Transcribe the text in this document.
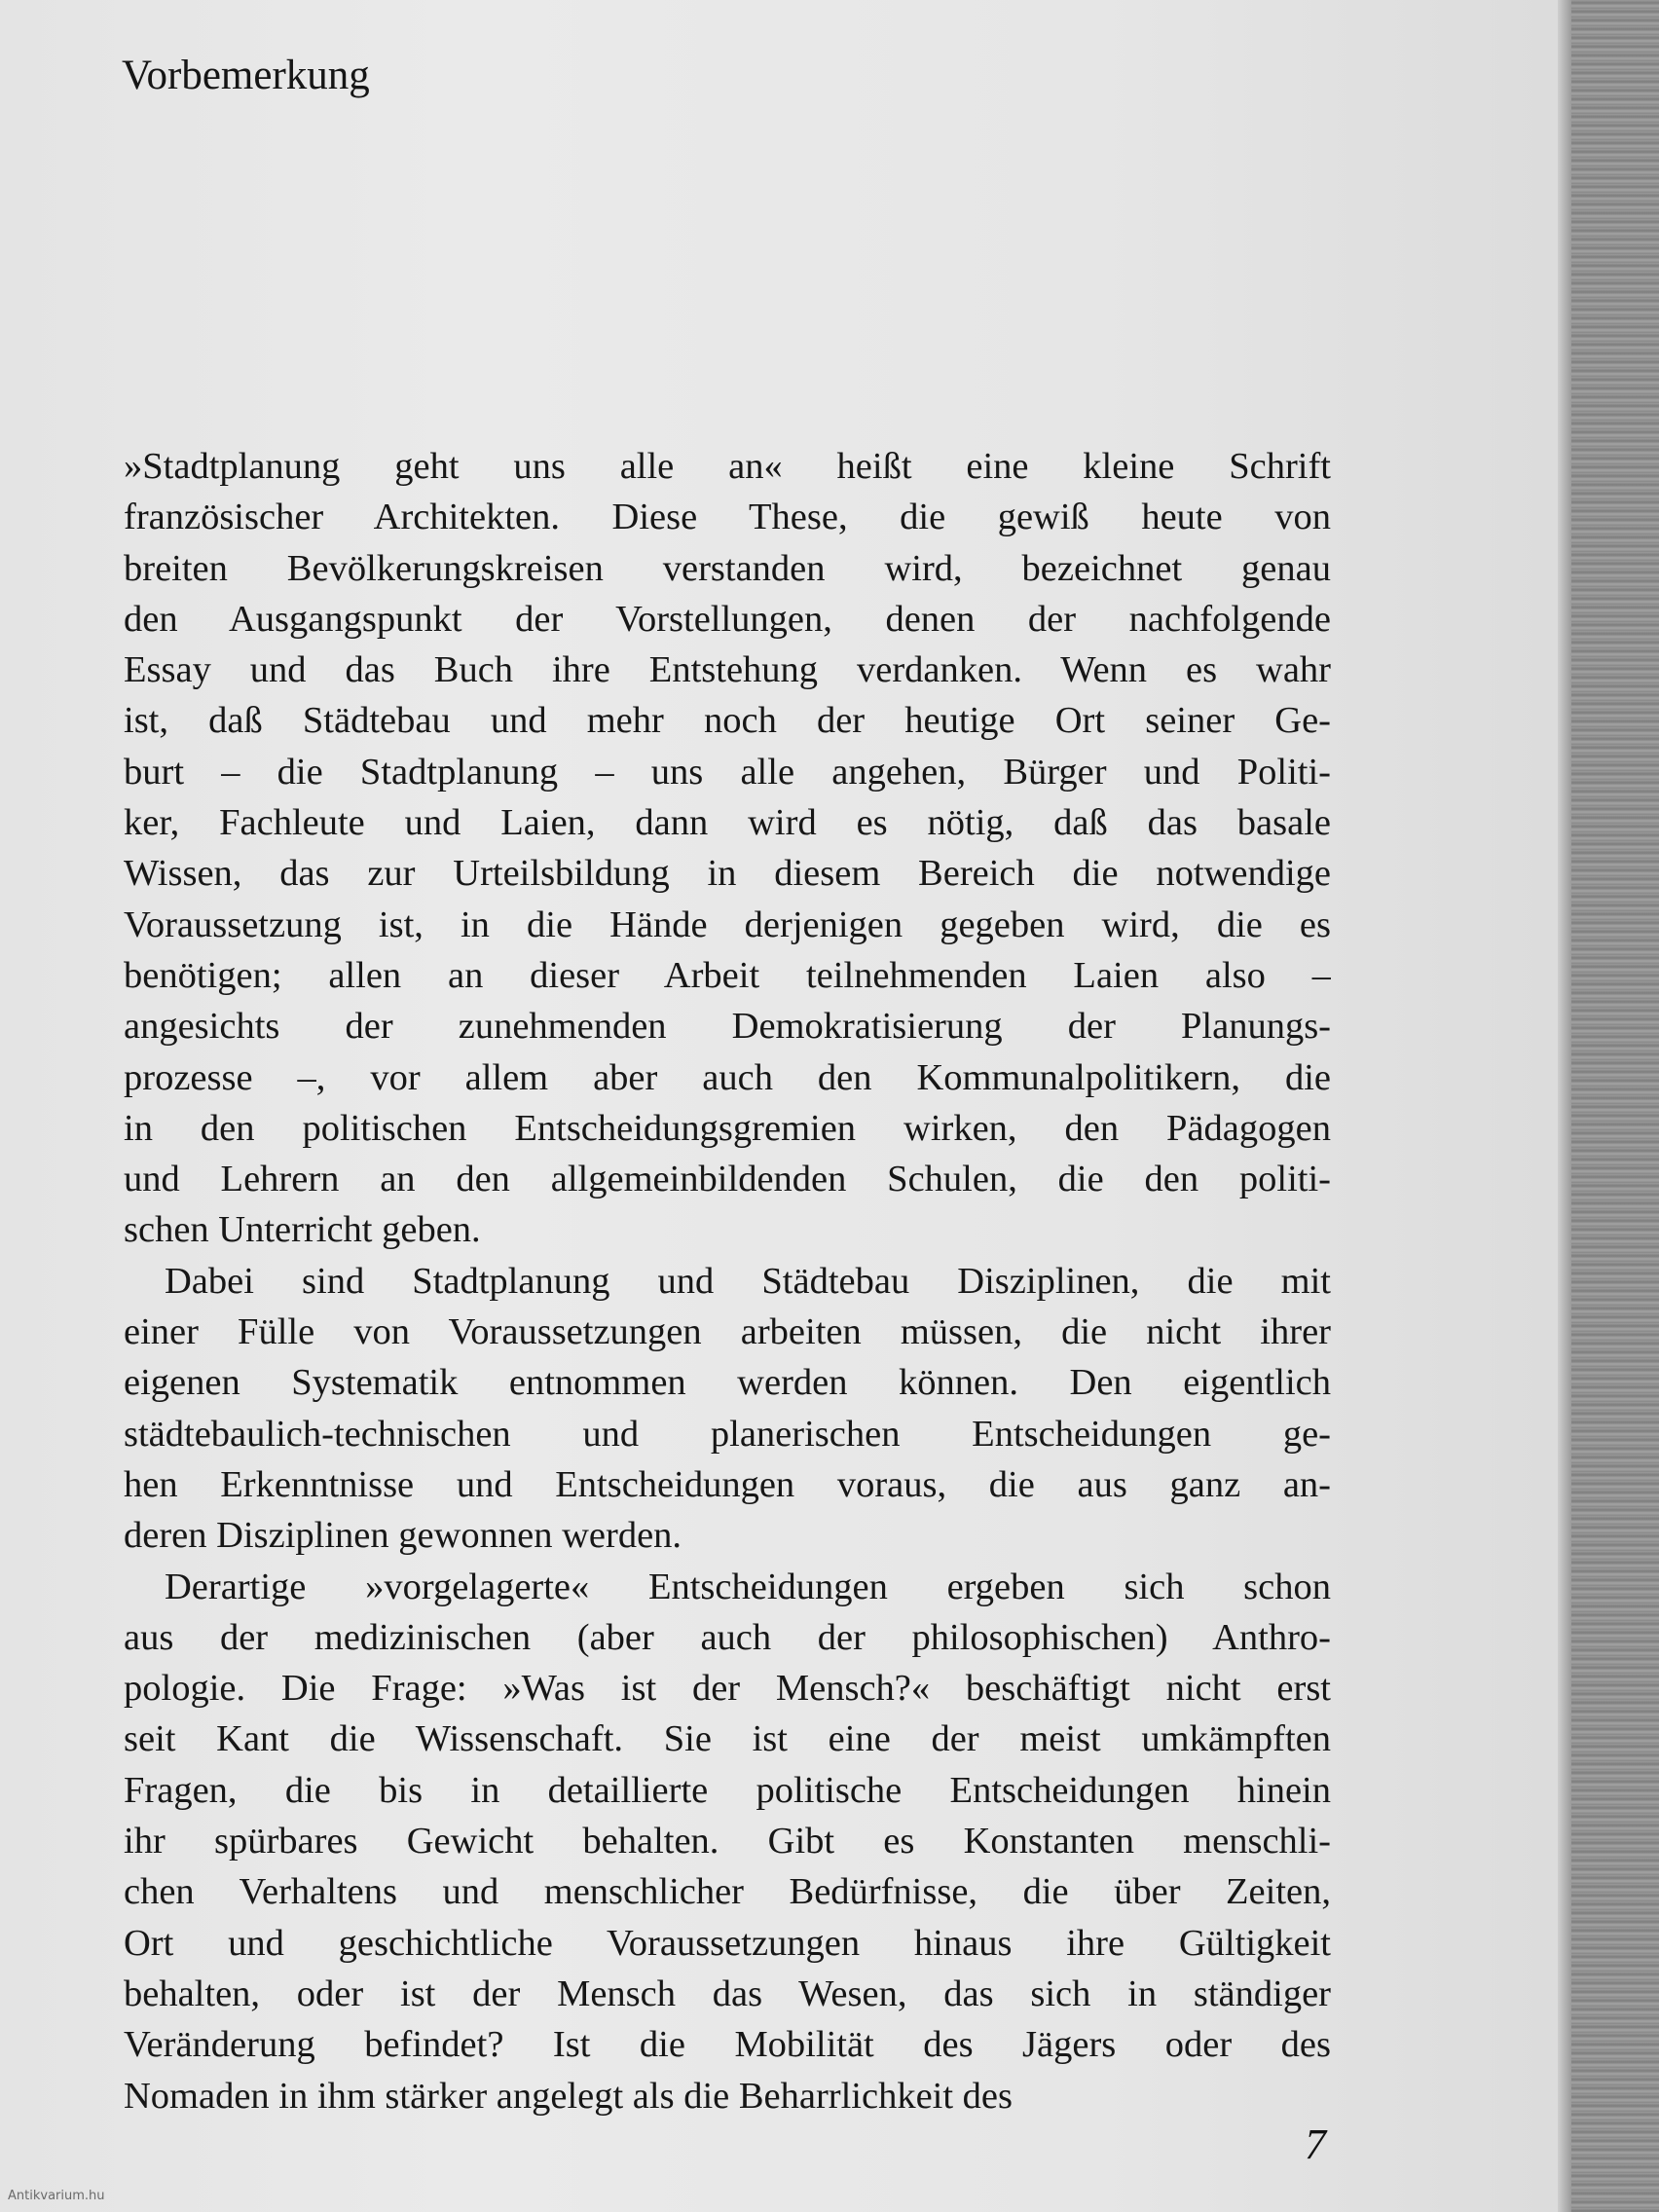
Vorbemerkung
»Stadtplanung geht uns alle an« heißt eine kleine Schrift
französischer Architekten. Diese These, die gewiß heute von
breiten Bevölkerungskreisen verstanden wird, bezeichnet genau
den Ausgangspunkt der Vorstellungen, denen der nachfolgende
Essay und das Buch ihre Entstehung verdanken. Wenn es wahr
ist, daß Städtebau und mehr noch der heutige Ort seiner Ge-
burt – die Stadtplanung – uns alle angehen, Bürger und Politi-
ker, Fachleute und Laien, dann wird es nötig, daß das basale
Wissen, das zur Urteilsbildung in diesem Bereich die notwendige
Voraussetzung ist, in die Hände derjenigen gegeben wird, die es
benötigen; allen an dieser Arbeit teilnehmenden Laien also –
angesichts der zunehmenden Demokratisierung der Planungs-
prozesse –, vor allem aber auch den Kommunalpolitikern, die
in den politischen Entscheidungsgremien wirken, den Pädagogen
und Lehrern an den allgemeinbildenden Schulen, die den politi-
schen Unterricht geben.
Dabei sind Stadtplanung und Städtebau Disziplinen, die mit
einer Fülle von Voraussetzungen arbeiten müssen, die nicht ihrer
eigenen Systematik entnommen werden können. Den eigentlich
städtebaulich-technischen und planerischen Entscheidungen ge-
hen Erkenntnisse und Entscheidungen voraus, die aus ganz an-
deren Disziplinen gewonnen werden.
Derartige »vorgelagerte« Entscheidungen ergeben sich schon
aus der medizinischen (aber auch der philosophischen) Anthro-
pologie. Die Frage: »Was ist der Mensch?« beschäftigt nicht erst
seit Kant die Wissenschaft. Sie ist eine der meist umkämpften
Fragen, die bis in detaillierte politische Entscheidungen hinein
ihr spürbares Gewicht behalten. Gibt es Konstanten menschli-
chen Verhaltens und menschlicher Bedürfnisse, die über Zeiten,
Ort und geschichtliche Voraussetzungen hinaus ihre Gültigkeit
behalten, oder ist der Mensch das Wesen, das sich in ständiger
Veränderung befindet? Ist die Mobilität des Jägers oder des
Nomaden in ihm stärker angelegt als die Beharrlichkeit des
7
Antikvarium.hu
